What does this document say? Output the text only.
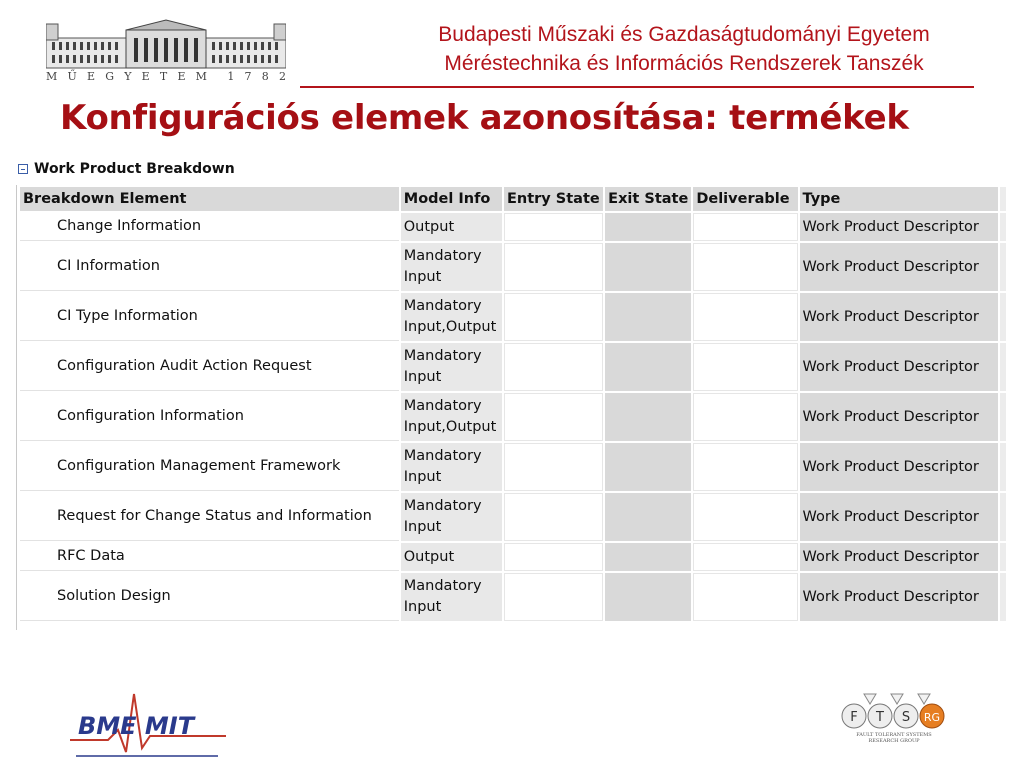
M Ű E G Y E T E M 1 7 8 2
Budapesti Műszaki és Gazdaságtudományi Egyetem
Méréstechnika és Információs Rendszerek Tanszék
Konfigurációs elemek azonosítása: termékek
Work Product Breakdown
Breakdown Element	Model Info	Entry State	Exit State	Deliverable	Type	
Change Information	Output				Work Product Descriptor	
CI Information	Mandatory Input				Work Product Descriptor	
CI Type Information	Mandatory Input,Output				Work Product Descriptor	
Configuration Audit Action Request	Mandatory Input				Work Product Descriptor	
Configuration Information	Mandatory Input,Output				Work Product Descriptor	
Configuration Management Framework	Mandatory Input				Work Product Descriptor	
Request for Change Status and Information	Mandatory Input				Work Product Descriptor	
RFC Data	Output				Work Product Descriptor	
Solution Design	Mandatory Input				Work Product Descriptor	
BME MIT	F T S RG
FAULT TOLERANT SYSTEMS
RESEARCH GROUP
